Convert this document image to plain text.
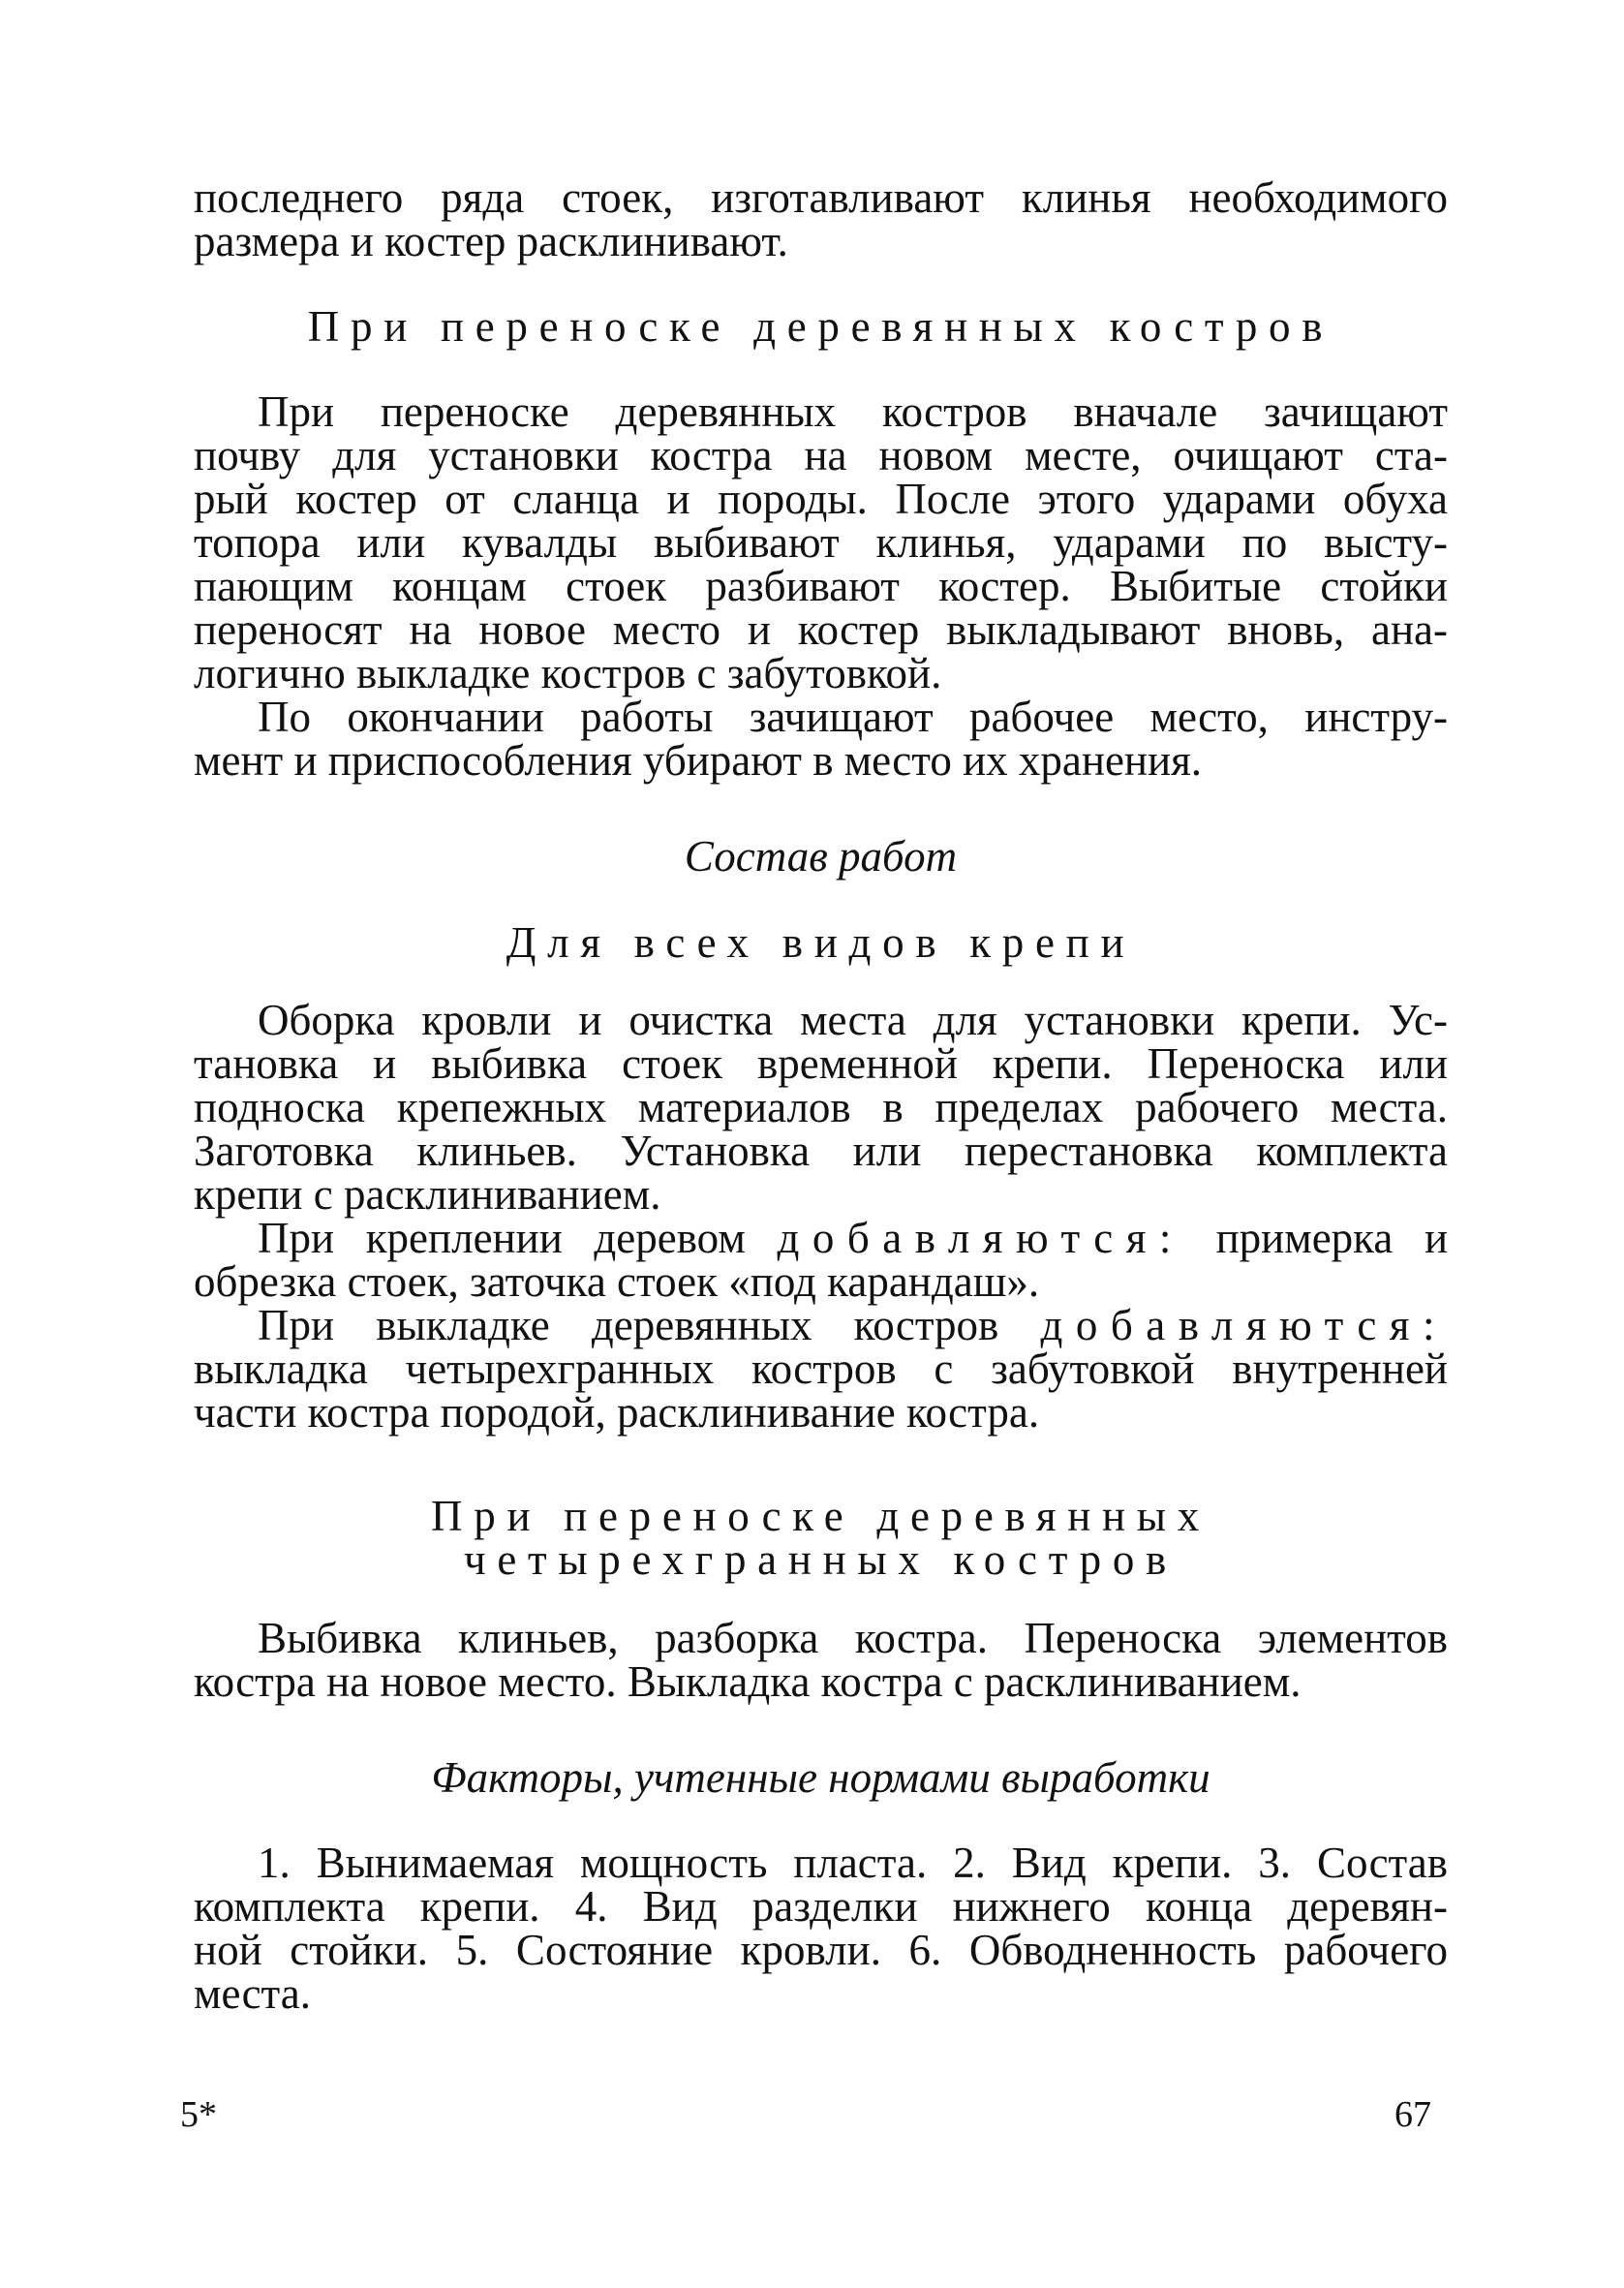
последнего ряда стоек, изготавливают клинья необходимого
размера и костер расклинивают.
При переноске деревянных костров
При переноске деревянных костров вначале зачищают
почву для установки костра на новом месте, очищают ста-
рый костер от сланца и породы. После этого ударами обуха
топора или кувалды выбивают клинья, ударами по высту-
пающим концам стоек разбивают костер. Выбитые стойки
переносят на новое место и костер выкладывают вновь, ана-
логично выкладке костров с забутовкой.
По окончании работы зачищают рабочее место, инстру-
мент и приспособления убирают в место их хранения.
Состав работ
Для всех видов крепи
Оборка кровли и очистка места для установки крепи. Ус-
тановка и выбивка стоек временной крепи. Переноска или
подноска крепежных материалов в пределах рабочего места.
Заготовка клиньев. Установка или перестановка комплекта
крепи с расклиниванием.
При креплении деревом добавляются: примерка и
обрезка стоек, заточка стоек «под карандаш».
При выкладке деревянных костров добавляются:
выкладка четырехгранных костров с забутовкой внутренней
части костра породой, расклинивание костра.
При переноске деревянных
четырехгранных костров
Выбивка клиньев, разборка костра. Переноска элементов
костра на новое место. Выкладка костра с расклиниванием.
Факторы, учтенные нормами выработки
1. Вынимаемая мощность пласта. 2. Вид крепи. 3. Состав
комплекта крепи. 4. Вид разделки нижнего конца деревян-
ной стойки. 5. Состояние кровли. 6. Обводненность рабочего
места.
5*	67
